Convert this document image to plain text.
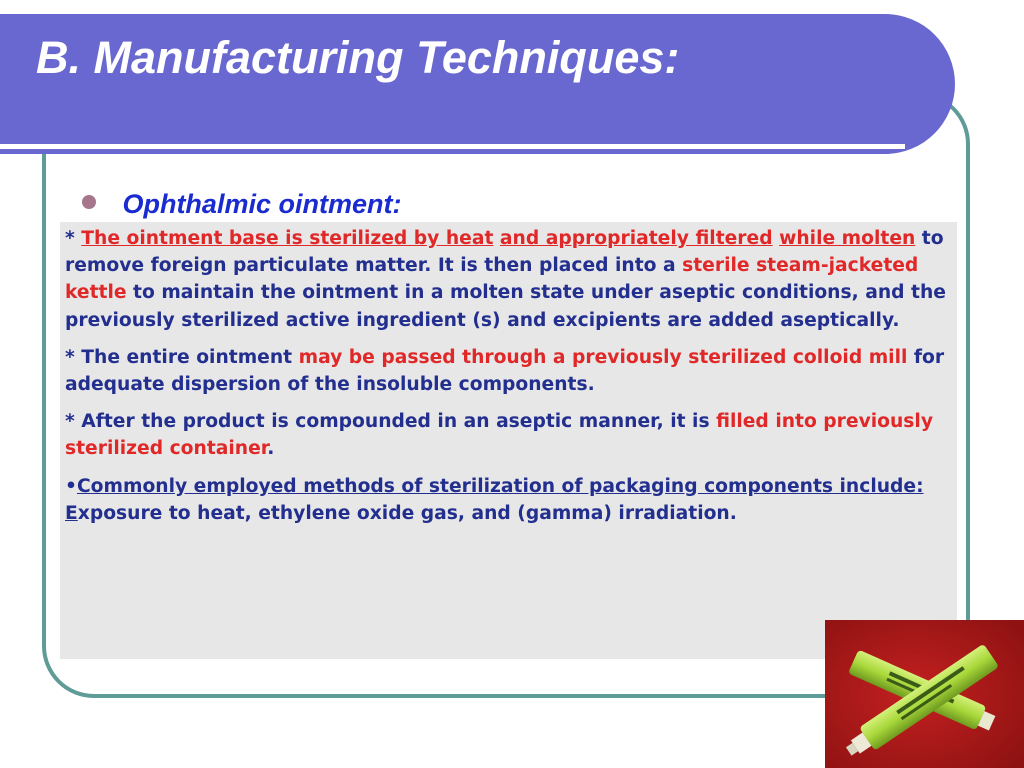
B. Manufacturing Techniques:
Ophthalmic ointment:

* The ointment base is sterilized by heat and appropriately filtered while molten to remove foreign particulate matter. It is then placed into a sterile steam-jacketed kettle to maintain the ointment in a molten state under aseptic conditions, and the previously sterilized active ingredient (s) and excipients are added aseptically.

* The entire ointment may be passed through a previously sterilized colloid mill for adequate dispersion of the insoluble components.

* After the product is compounded in an aseptic manner, it is filled into previously sterilized container.

•Commonly employed methods of sterilization of packaging components include: Exposure to heat, ethylene oxide gas, and (gamma) irradiation.
